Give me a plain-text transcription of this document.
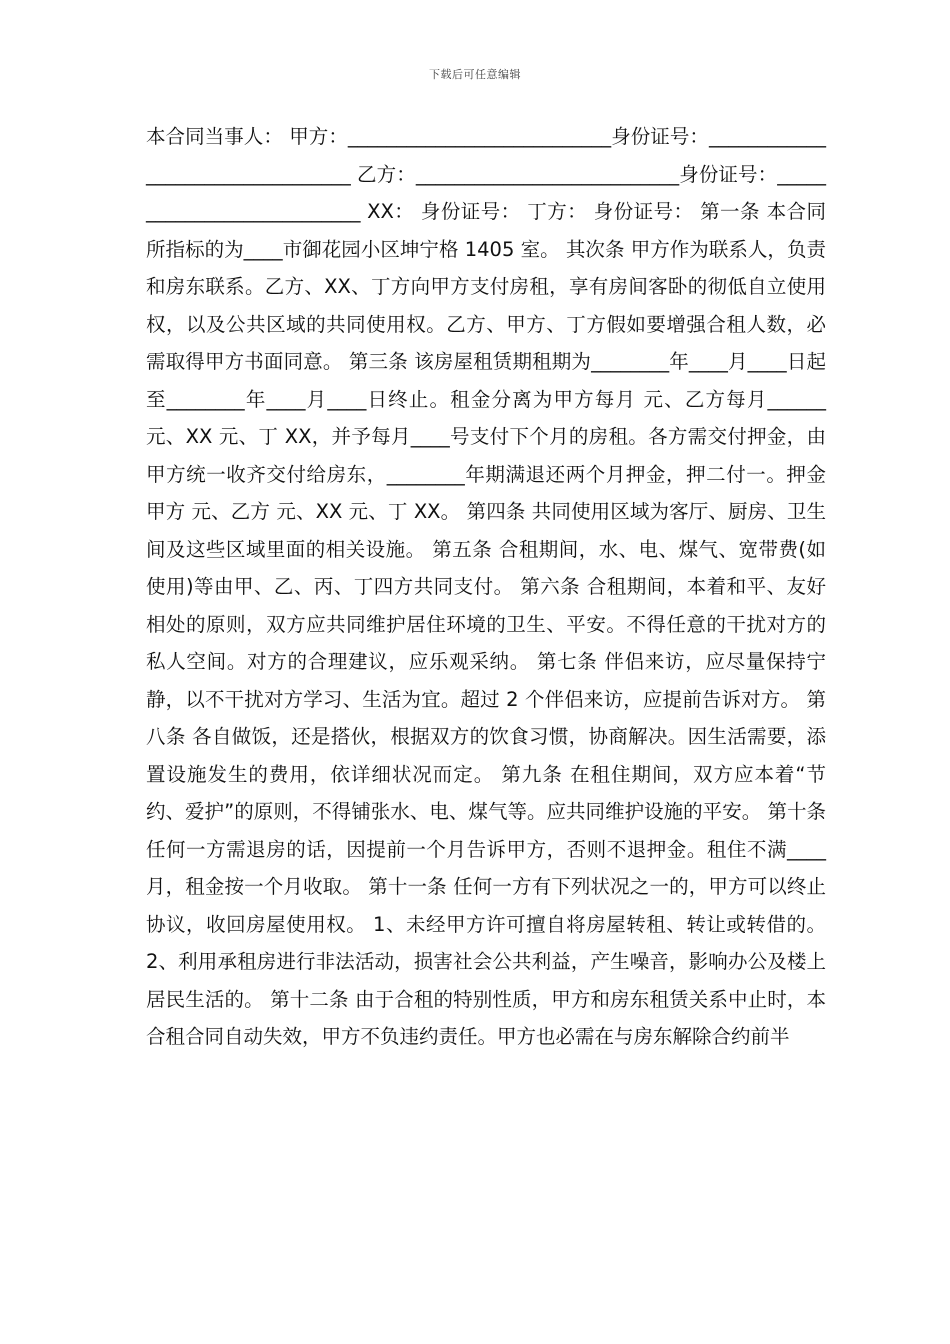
下载后可任意编辑

本合同当事人： 甲方：___________________________身份证号：_________________________________ 乙方：___________________________身份证号：___________________________ XX： 身份证号： 丁方： 身份证号： 第一条 本合同所指标的为____市御花园小区坤宁格 1405 室。 其次条 甲方作为联系人，负责和房东联系。乙方、XX、丁方向甲方支付房租，享有房间客卧的彻低自立使用权，以及公共区域的共同使用权。乙方、甲方、丁方假如要增强合租人数，必需取得甲方书面同意。 第三条 该房屋租赁期租期为________年____月____日起至________年____月____日终止。租金分离为甲方每月 元、乙方每月______元、XX 元、丁 XX，并予每月____号支付下个月的房租。各方需交付押金，由甲方统一收齐交付给房东，________年期满退还两个月押金，押二付一。押金甲方 元、乙方 元、XX 元、丁 XX。 第四条 共同使用区域为客厅、厨房、卫生间及这些区域里面的相关设施。 第五条 合租期间，水、电、煤气、宽带费(如使用)等由甲、乙、丙、丁四方共同支付。 第六条 合租期间，本着和平、友好相处的原则，双方应共同维护居住环境的卫生、平安。不得任意的干扰对方的私人空间。对方的合理建议，应乐观采纳。 第七条 伴侣来访，应尽量保持宁静，以不干扰对方学习、生活为宜。超过 2 个伴侣来访，应提前告诉对方。 第八条 各自做饭，还是搭伙，根据双方的饮食习惯，协商解决。因生活需要，添置设施发生的费用，依详细状况而定。 第九条 在租住期间，双方应本着“节约、爱护”的原则，不得铺张水、电、煤气等。应共同维护设施的平安。 第十条 任何一方需退房的话，因提前一个月告诉甲方，否则不退押金。租住不满____月，租金按一个月收取。 第十一条 任何一方有下列状况之一的，甲方可以终止协议，收回房屋使用权。 1、未经甲方许可擅自将房屋转租、转让或转借的。 2、利用承租房进行非法活动，损害社会公共利益，产生噪音，影响办公及楼上居民生活的。 第十二条 由于合租的特别性质，甲方和房东租赁关系中止时，本合租合同自动失效，甲方不负违约责任。甲方也必需在与房东解除合约前半
